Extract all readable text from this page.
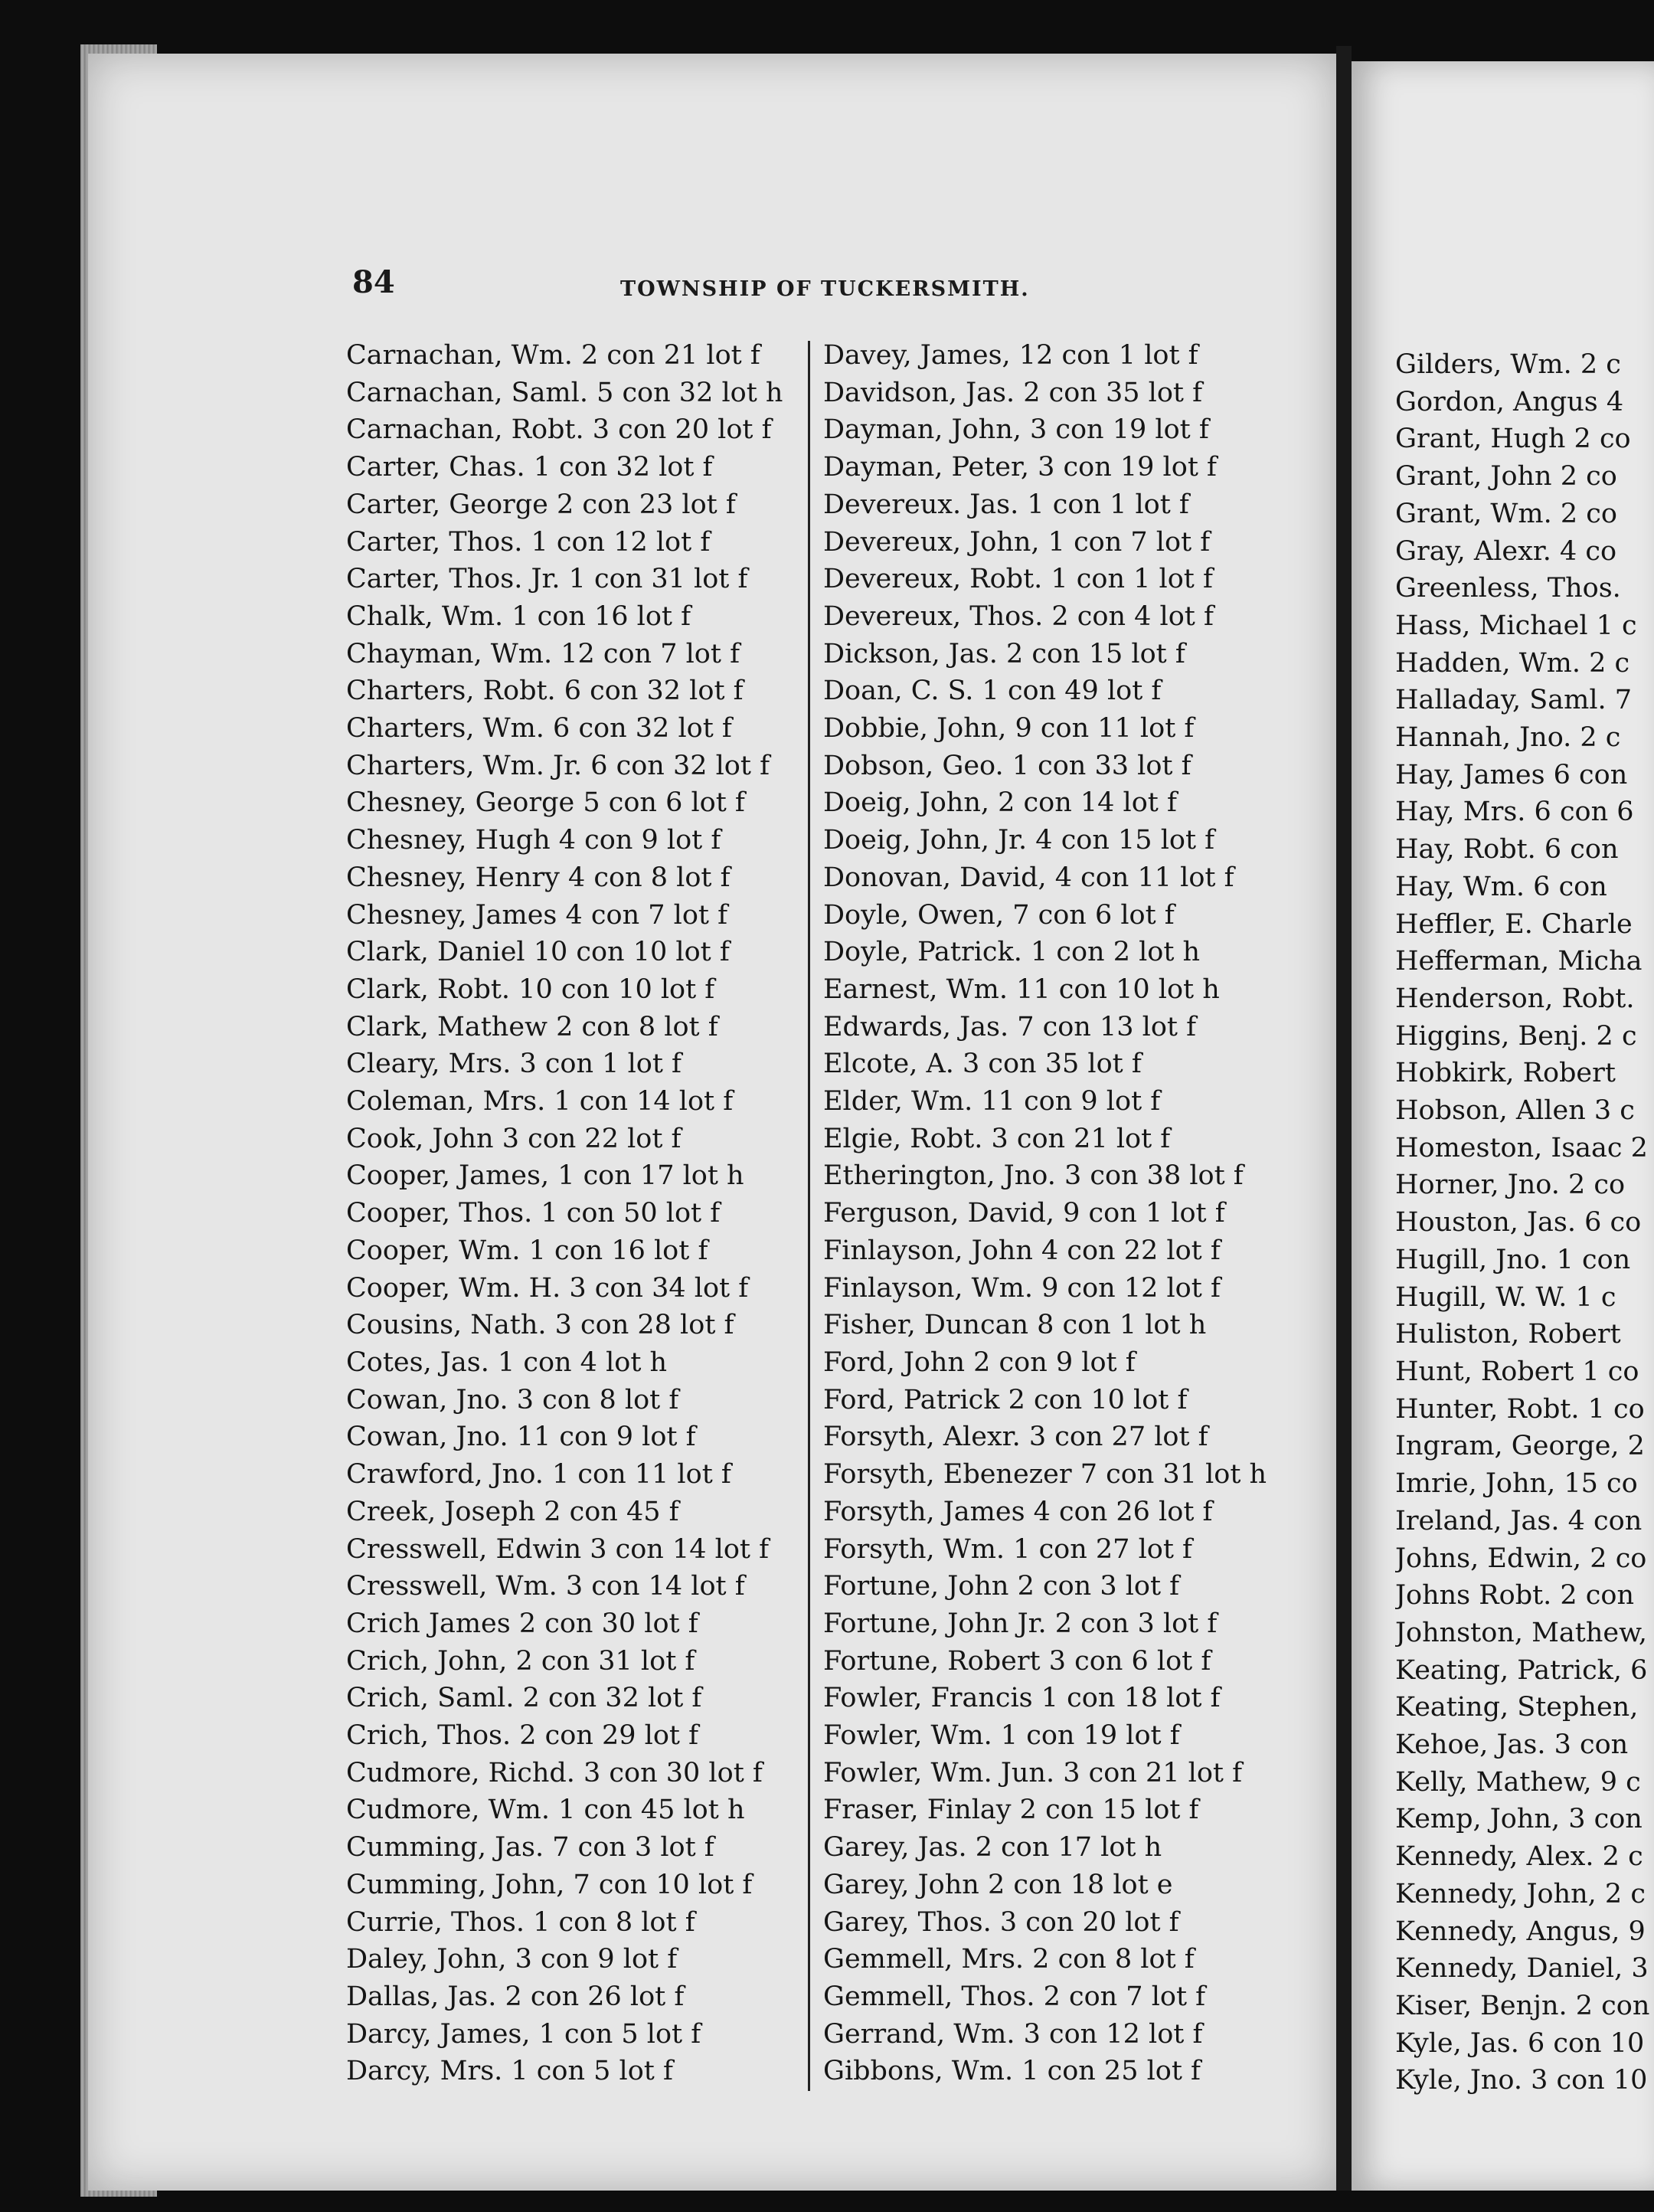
84	TOWNSHIP OF TUCKERSMITH.
Carnachan, Wm. 2 con 21 lot f
Carnachan, Saml. 5 con 32 lot h
Carnachan, Robt. 3 con 20 lot f
Carter, Chas. 1 con 32 lot f
Carter, George 2 con 23 lot f
Carter, Thos. 1 con 12 lot f
Carter, Thos. Jr. 1 con 31 lot f
Chalk, Wm. 1 con 16 lot f
Chayman, Wm. 12 con 7 lot f
Charters, Robt. 6 con 32 lot f
Charters, Wm. 6 con 32 lot f
Charters, Wm. Jr. 6 con 32 lot f
Chesney, George 5 con 6 lot f
Chesney, Hugh 4 con 9 lot f
Chesney, Henry 4 con 8 lot f
Chesney, James 4 con 7 lot f
Clark, Daniel 10 con 10 lot f
Clark, Robt. 10 con 10 lot f
Clark, Mathew 2 con 8 lot f
Cleary, Mrs. 3 con 1 lot f
Coleman, Mrs. 1 con 14 lot f
Cook, John 3 con 22 lot f
Cooper, James, 1 con 17 lot h
Cooper, Thos. 1 con 50 lot f
Cooper, Wm. 1 con 16 lot f
Cooper, Wm. H. 3 con 34 lot f
Cousins, Nath. 3 con 28 lot f
Cotes, Jas. 1 con 4 lot h
Cowan, Jno. 3 con 8 lot f
Cowan, Jno. 11 con 9 lot f
Crawford, Jno. 1 con 11 lot f
Creek, Joseph 2 con 45 f
Cresswell, Edwin 3 con 14 lot f
Cresswell, Wm. 3 con 14 lot f
Crich James 2 con 30 lot f
Crich, John, 2 con 31 lot f
Crich, Saml. 2 con 32 lot f
Crich, Thos. 2 con 29 lot f
Cudmore, Richd. 3 con 30 lot f
Cudmore, Wm. 1 con 45 lot h
Cumming, Jas. 7 con 3 lot f
Cumming, John, 7 con 10 lot f
Currie, Thos. 1 con 8 lot f
Daley, John, 3 con 9 lot f
Dallas, Jas. 2 con 26 lot f
Darcy, James, 1 con 5 lot f
Darcy, Mrs. 1 con 5 lot f
Davey, James, 12 con 1 lot f
Davidson, Jas. 2 con 35 lot f
Dayman, John, 3 con 19 lot f
Dayman, Peter, 3 con 19 lot f
Devereux. Jas. 1 con 1 lot f
Devereux, John, 1 con 7 lot f
Devereux, Robt. 1 con 1 lot f
Devereux, Thos. 2 con 4 lot f
Dickson, Jas. 2 con 15 lot f
Doan, C. S. 1 con 49 lot f
Dobbie, John, 9 con 11 lot f
Dobson, Geo. 1 con 33 lot f
Doeig, John, 2 con 14 lot f
Doeig, John, Jr. 4 con 15 lot f
Donovan, David, 4 con 11 lot f
Doyle, Owen, 7 con 6 lot f
Doyle, Patrick. 1 con 2 lot h
Earnest, Wm. 11 con 10 lot h
Edwards, Jas. 7 con 13 lot f
Elcote, A. 3 con 35 lot f
Elder, Wm. 11 con 9 lot f
Elgie, Robt. 3 con 21 lot f
Etherington, Jno. 3 con 38 lot f
Ferguson, David, 9 con 1 lot f
Finlayson, John 4 con 22 lot f
Finlayson, Wm. 9 con 12 lot f
Fisher, Duncan 8 con 1 lot h
Ford, John 2 con 9 lot f
Ford, Patrick 2 con 10 lot f
Forsyth, Alexr. 3 con 27 lot f
Forsyth, Ebenezer 7 con 31 lot h
Forsyth, James 4 con 26 lot f
Forsyth, Wm. 1 con 27 lot f
Fortune, John 2 con 3 lot f
Fortune, John Jr. 2 con 3 lot f
Fortune, Robert 3 con 6 lot f
Fowler, Francis 1 con 18 lot f
Fowler, Wm. 1 con 19 lot f
Fowler, Wm. Jun. 3 con 21 lot f
Fraser, Finlay 2 con 15 lot f
Garey, Jas. 2 con 17 lot h
Garey, John 2 con 18 lot e
Garey, Thos. 3 con 20 lot f
Gemmell, Mrs. 2 con 8 lot f
Gemmell, Thos. 2 con 7 lot f
Gerrand, Wm. 3 con 12 lot f
Gibbons, Wm. 1 con 25 lot f
Gilders, Wm. 2 c
Gordon, Angus 4
Grant, Hugh 2 co
Grant, John 2 co
Grant, Wm. 2 co
Gray, Alexr. 4 co
Greenless, Thos.
Hass, Michael 1 c
Hadden, Wm. 2 c
Halladay, Saml. 7
Hannah, Jno. 2 c
Hay, James 6 con
Hay, Mrs. 6 con 6
Hay, Robt. 6 con
Hay, Wm. 6 con
Heffler, E. Charle
Hefferman, Micha
Henderson, Robt.
Higgins, Benj. 2 c
Hobkirk, Robert
Hobson, Allen 3 c
Homeston, Isaac 2
Horner, Jno. 2 co
Houston, Jas. 6 co
Hugill, Jno. 1 con
Hugill, W. W. 1 c
Huliston, Robert
Hunt, Robert 1 co
Hunter, Robt. 1 co
Ingram, George, 2
Imrie, John, 15 co
Ireland, Jas. 4 con
Johns, Edwin, 2 co
Johns Robt. 2 con
Johnston, Mathew,
Keating, Patrick, 6
Keating, Stephen,
Kehoe, Jas. 3 con
Kelly, Mathew, 9 c
Kemp, John, 3 con
Kennedy, Alex. 2 c
Kennedy, John, 2 c
Kennedy, Angus, 9
Kennedy, Daniel, 3
Kiser, Benjn. 2 con
Kyle, Jas. 6 con 10
Kyle, Jno. 3 con 10
